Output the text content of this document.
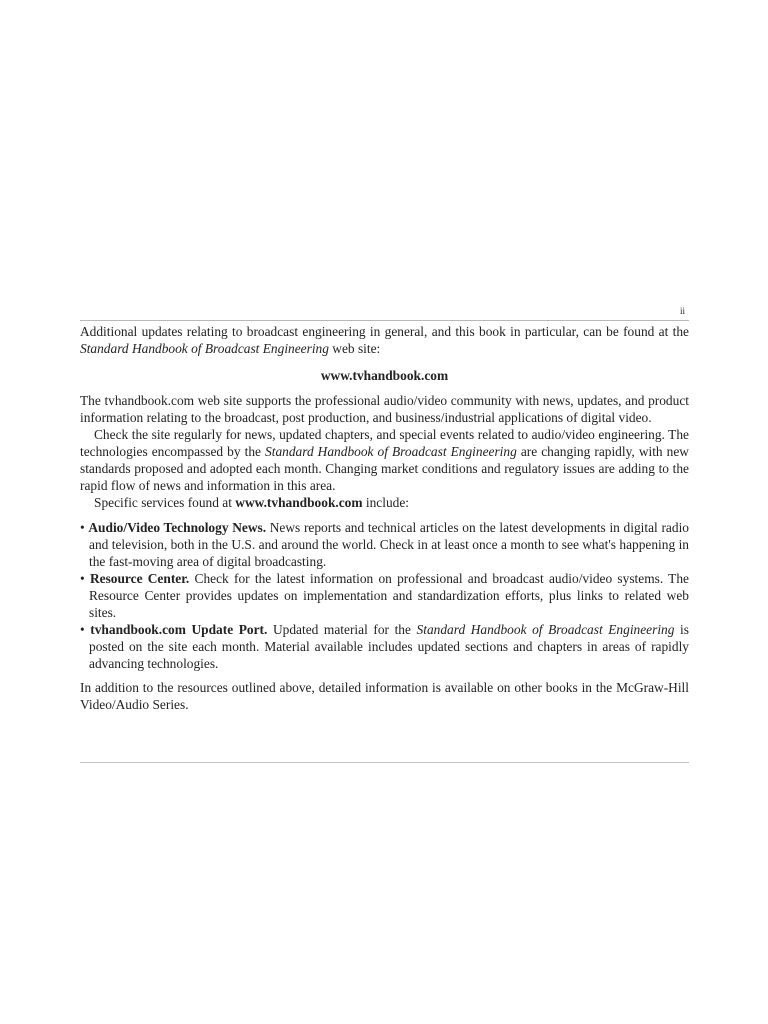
ii

Additional updates relating to broadcast engineering in general, and this book in particular, can be found at the Standard Handbook of Broadcast Engineering web site:

www.tvhandbook.com

The tvhandbook.com web site supports the professional audio/video community with news, updates, and product information relating to the broadcast, post production, and business/industrial applications of digital video.

Check the site regularly for news, updated chapters, and special events related to audio/video engineering. The technologies encompassed by the Standard Handbook of Broadcast Engineering are changing rapidly, with new standards proposed and adopted each month. Changing market conditions and regulatory issues are adding to the rapid flow of news and information in this area.

Specific services found at www.tvhandbook.com include:

• Audio/Video Technology News. News reports and technical articles on the latest developments in digital radio and television, both in the U.S. and around the world. Check in at least once a month to see what's happening in the fast-moving area of digital broadcasting.
• Resource Center. Check for the latest information on professional and broadcast audio/video systems. The Resource Center provides updates on implementation and standardization efforts, plus links to related web sites.
• tvhandbook.com Update Port. Updated material for the Standard Handbook of Broadcast Engineering is posted on the site each month. Material available includes updated sections and chapters in areas of rapidly advancing technologies.

In addition to the resources outlined above, detailed information is available on other books in the McGraw-Hill Video/Audio Series.
